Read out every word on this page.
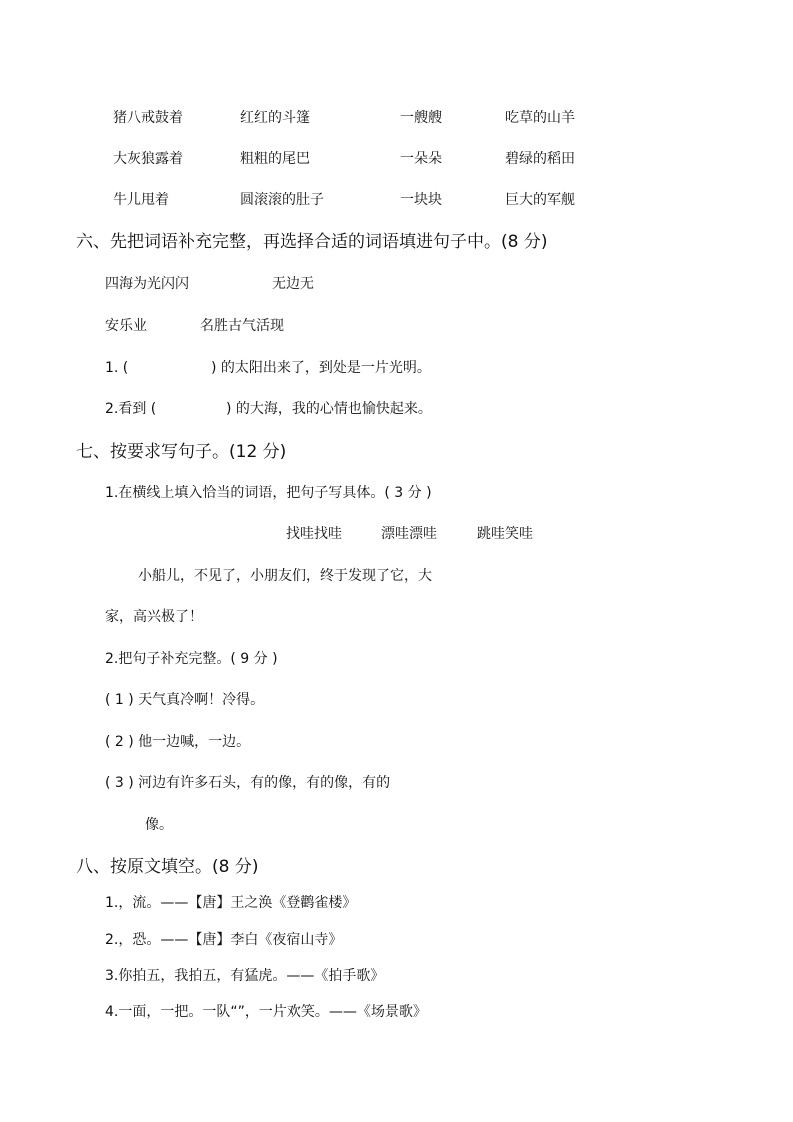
猪八戒鼓着	红红的斗篷	一艘艘	吃草的山羊
大灰狼露着	粗粗的尾巴	一朵朵	碧绿的稻田
牛儿甩着	圆滚滚的肚子	一块块	巨大的军舰
六、先把词语补充完整，再选择合适的词语填进句子中。(8 分)
四海为光闪闪	无边无
安乐业	名胜古气活现
1. (	) 的太阳出来了，到处是一片光明。
2.看到 (	) 的大海，我的心情也愉快起来。
七、按要求写句子。(12 分)
1.在横线上填入恰当的词语，把句子写具体。( 3 分 )
找哇找哇	漂哇漂哇	跳哇笑哇
小船儿，不见了，小朋友们，终于发现了它，大
家，高兴极了！
2.把句子补充完整。( 9 分 )
( 1 ) 天气真冷啊！冷得。
( 2 ) 他一边喊，一边。
( 3 ) 河边有许多石头，有的像，有的像，有的
像。
八、按原文填空。(8 分)
1.，流。——【唐】王之涣《登鹳雀楼》
2.，恐。——【唐】李白《夜宿山寺》
3.你拍五，我拍五，有猛虎。——《拍手歌》
4.一面，一把。一队“”，一片欢笑。——《场景歌》
